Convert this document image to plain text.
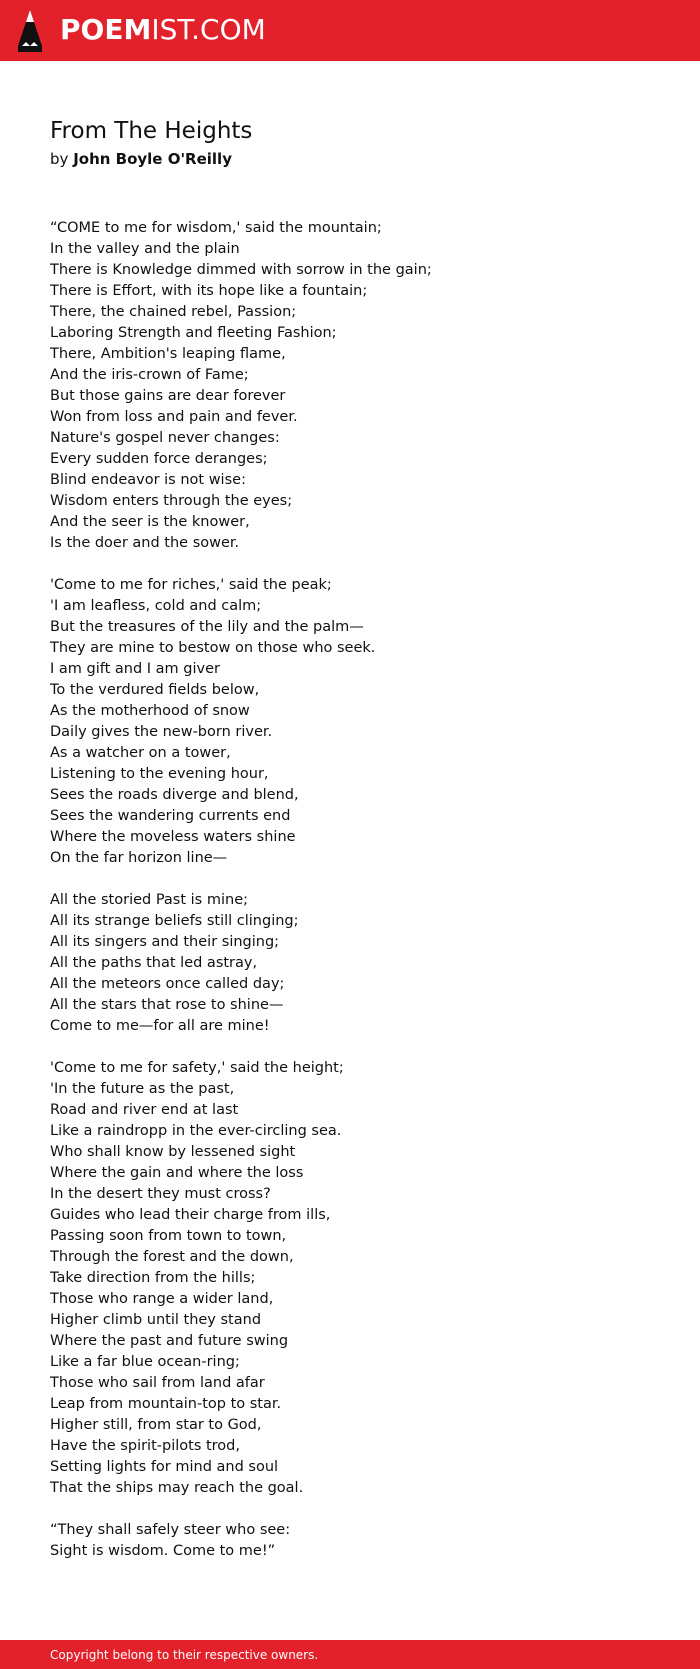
POEMIST.COM
From The Heights
by John Boyle O'Reilly
“COME to me for wisdom,' said the mountain;
In the valley and the plain
There is Knowledge dimmed with sorrow in the gain;
There is Effort, with its hope like a fountain;
There, the chained rebel, Passion;
Laboring Strength and fleeting Fashion;
There, Ambition's leaping flame,
And the iris-crown of Fame;
But those gains are dear forever
Won from loss and pain and fever.
Nature's gospel never changes:
Every sudden force deranges;
Blind endeavor is not wise:
Wisdom enters through the eyes;
And the seer is the knower,
Is the doer and the sower.
'Come to me for riches,' said the peak;
'I am leafless, cold and calm;
But the treasures of the lily and the palm—
They are mine to bestow on those who seek.
I am gift and I am giver
To the verdured fields below,
As the motherhood of snow
Daily gives the new-born river.
As a watcher on a tower,
Listening to the evening hour,
Sees the roads diverge and blend,
Sees the wandering currents end
Where the moveless waters shine
On the far horizon line—
All the storied Past is mine;
All its strange beliefs still clinging;
All its singers and their singing;
All the paths that led astray,
All the meteors once called day;
All the stars that rose to shine—
Come to me—for all are mine!
'Come to me for safety,' said the height;
'In the future as the past,
Road and river end at last
Like a raindropp in the ever-circling sea.
Who shall know by lessened sight
Where the gain and where the loss
In the desert they must cross?
Guides who lead their charge from ills,
Passing soon from town to town,
Through the forest and the down,
Take direction from the hills;
Those who range a wider land,
Higher climb until they stand
Where the past and future swing
Like a far blue ocean-ring;
Those who sail from land afar
Leap from mountain-top to star.
Higher still, from star to God,
Have the spirit-pilots trod,
Setting lights for mind and soul
That the ships may reach the goal.
“They shall safely steer who see:
Sight is wisdom. Come to me!”
Copyright belong to their respective owners.
